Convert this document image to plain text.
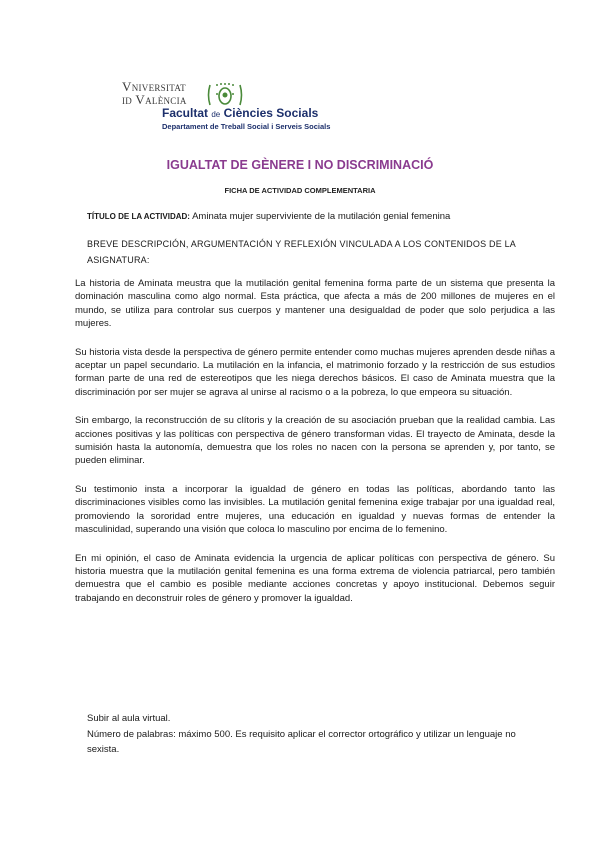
Vniversitat
id València
Facultat de Ciències Socials
Departament de Treball Social i Serveis Socials
IGUALTAT DE GÈNERE I NO DISCRIMINACIÓ
FICHA DE ACTIVIDAD COMPLEMENTARIA
TÍTULO DE LA ACTIVIDAD: Aminata mujer superviviente de la mutilación genial femenina
BREVE DESCRIPCIÓN, ARGUMENTACIÓN Y REFLEXIÓN VINCULADA A LOS CONTENIDOS DE LA ASIGNATURA:

La historia de Aminata meustra que la mutilación genital femenina forma parte de un sistema que presenta la dominación masculina como algo normal. Esta práctica, que afecta a más de 200 millones de mujeres en el mundo, se utiliza para controlar sus cuerpos y mantener una desigualdad de poder que solo perjudica a las mujeres.

Su historia vista desde la perspectiva de género permite entender como muchas mujeres aprenden desde niñas a aceptar un papel secundario. La mutilación en la infancia, el matrimonio forzado y la restricción de sus estudios forman parte de una red de estereotipos que les niega derechos básicos. El caso de Aminata muestra que la discriminación por ser mujer se agrava al unirse al racismo o a la pobreza, lo que empeora su situación.

Sin embargo, la reconstrucción de su clítoris y la creación de su asociación prueban que la realidad cambia. Las acciones positivas y las políticas con perspectiva de género transforman vidas. El trayecto de Aminata, desde la sumisión hasta la autonomía, demuestra que los roles no nacen con la persona se aprenden y, por tanto, se pueden eliminar.

Su testimonio insta a incorporar la igualdad de género en todas las políticas, abordando tanto las discriminaciones visibles como las invisibles. La mutilación genital femenina exige trabajar por una igualdad real, promoviendo la sororidad entre mujeres, una educación en igualdad y nuevas formas de entender la masculinidad, superando una visión que coloca lo masculino por encima de lo femenino.

En mi opinión, el caso de Aminata evidencia la urgencia de aplicar políticas con perspectiva de género. Su historia muestra que la mutilación genital femenina es una forma extrema de violencia patriarcal, pero también demuestra que el cambio es posible mediante acciones concretas y apoyo institucional. Debemos seguir trabajando en deconstruir roles de género y promover la igualdad.

Subir al aula virtual.

Número de palabras: máximo 500. Es requisito aplicar el corrector ortográfico y utilizar un lenguaje no sexista.
